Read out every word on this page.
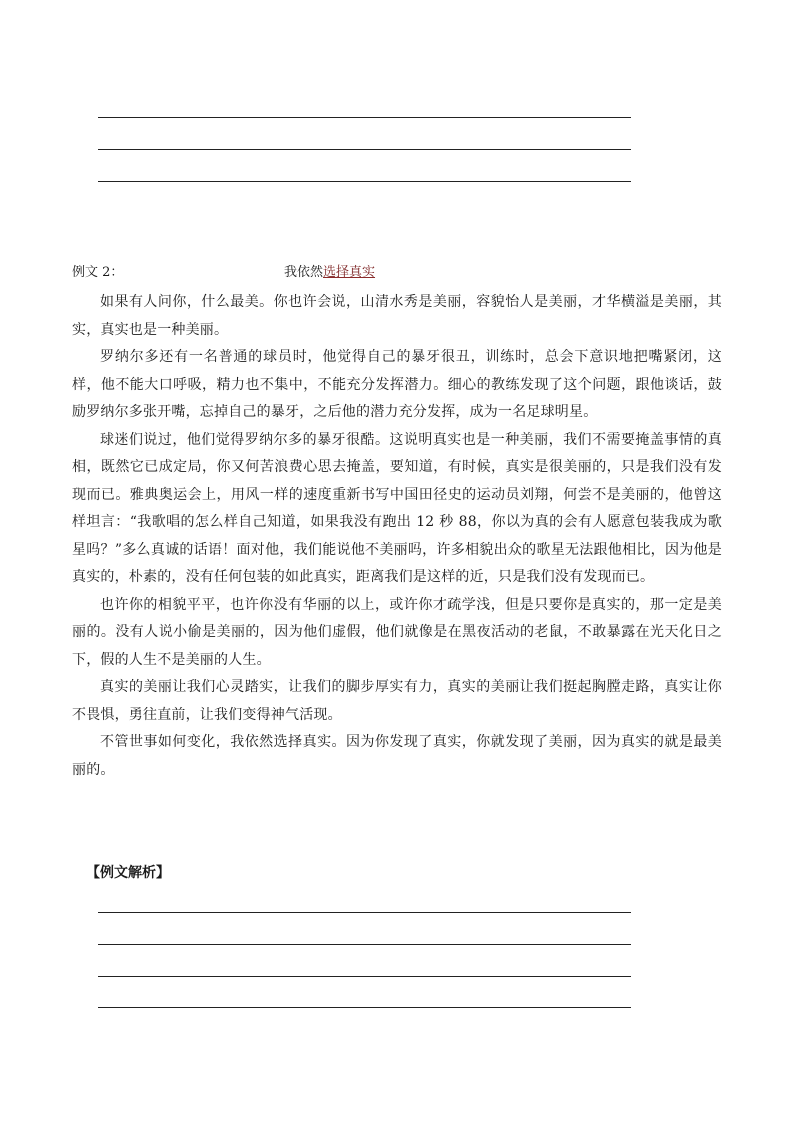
例文 2：	我依然选择真实

如果有人问你，什么最美。你也许会说，山清水秀是美丽，容貌怡人是美丽，才华横溢是美丽，其实，真实也是一种美丽。

罗纳尔多还有一名普通的球员时，他觉得自己的暴牙很丑，训练时，总会下意识地把嘴紧闭，这样，他不能大口呼吸，精力也不集中，不能充分发挥潜力。细心的教练发现了这个问题，跟他谈话，鼓励罗纳尔多张开嘴，忘掉自己的暴牙，之后他的潜力充分发挥，成为一名足球明星。

球迷们说过，他们觉得罗纳尔多的暴牙很酷。这说明真实也是一种美丽，我们不需要掩盖事情的真相，既然它已成定局，你又何苦浪费心思去掩盖，要知道，有时候，真实是很美丽的，只是我们没有发现而已。雅典奥运会上，用风一样的速度重新书写中国田径史的运动员刘翔，何尝不是美丽的，他曾这样坦言：“我歌唱的怎么样自己知道，如果我没有跑出 12 秒 88，你以为真的会有人愿意包装我成为歌星吗？”多么真诚的话语！面对他，我们能说他不美丽吗，许多相貌出众的歌星无法跟他相比，因为他是真实的，朴素的，没有任何包装的如此真实，距离我们是这样的近，只是我们没有发现而已。

也许你的相貌平平，也许你没有华丽的以上，或许你才疏学浅，但是只要你是真实的，那一定是美丽的。没有人说小偷是美丽的，因为他们虚假，他们就像是在黑夜活动的老鼠，不敢暴露在光天化日之下，假的人生不是美丽的人生。

真实的美丽让我们心灵踏实，让我们的脚步厚实有力，真实的美丽让我们挺起胸膛走路，真实让你不畏惧，勇往直前，让我们变得神气活现。

不管世事如何变化，我依然选择真实。因为你发现了真实，你就发现了美丽，因为真实的就是最美丽的。

【例文解析】
